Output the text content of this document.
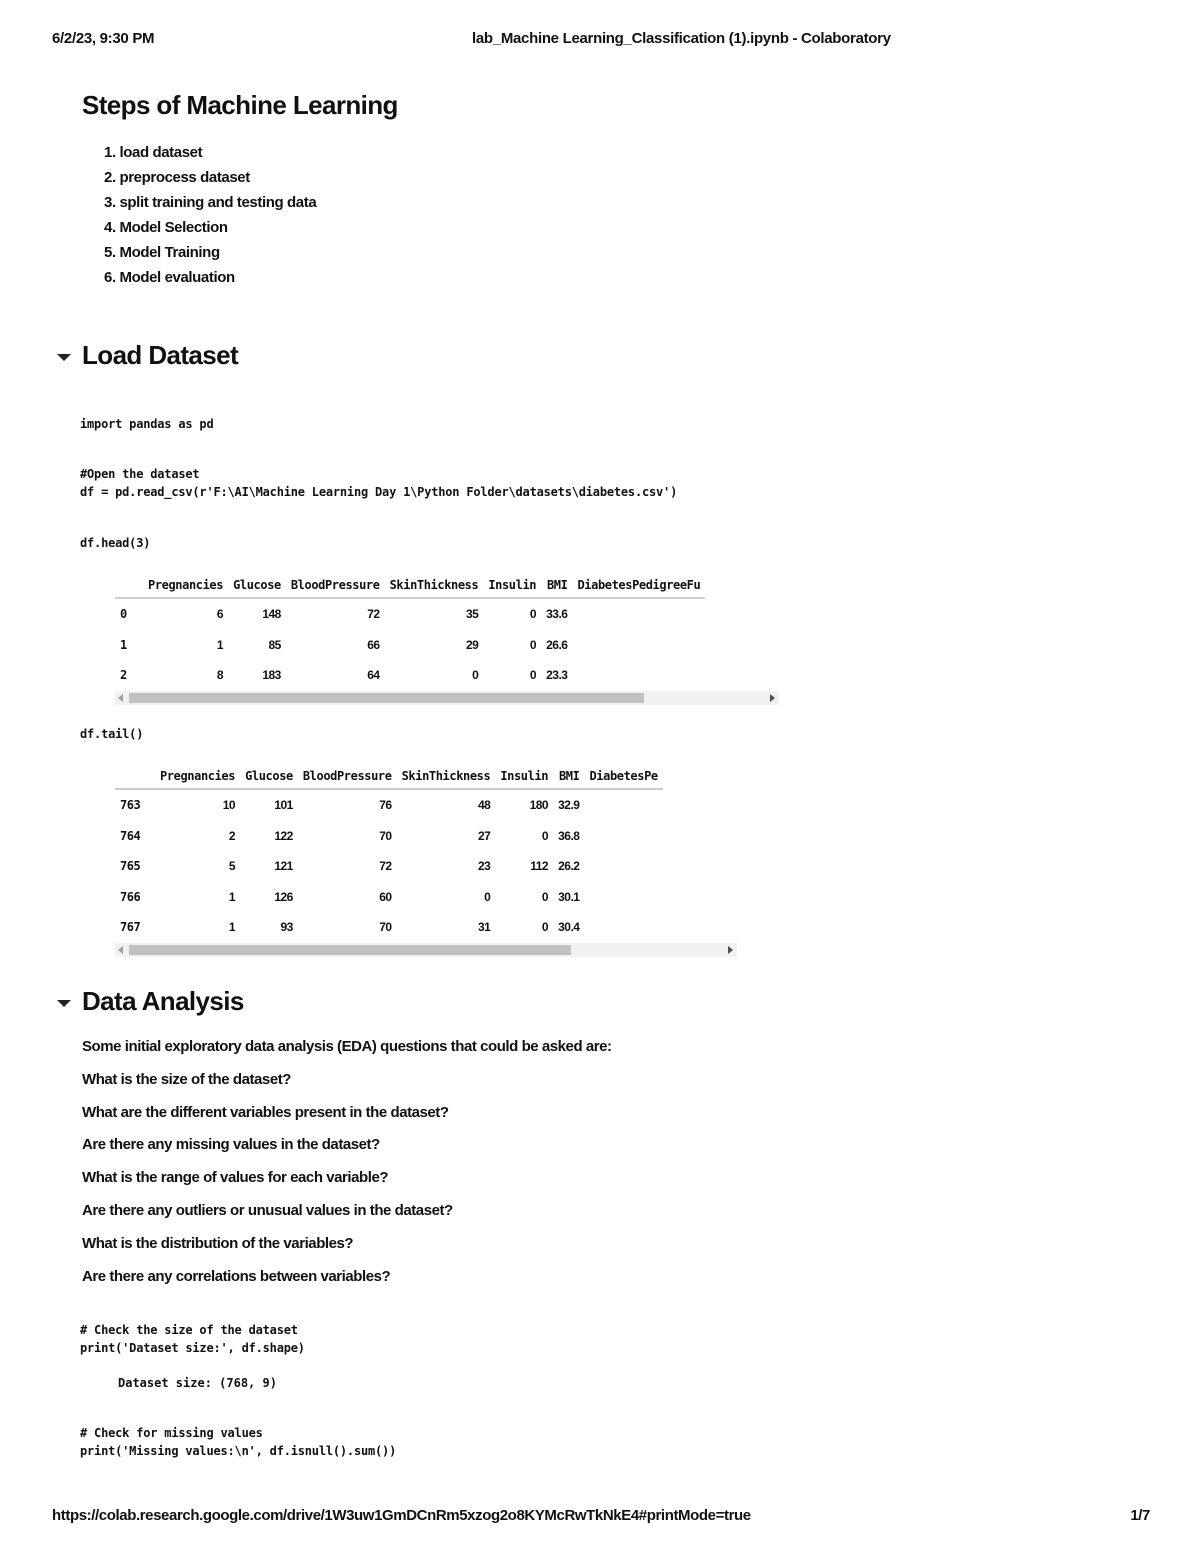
6/2/23, 9:30 PM	lab_Machine Learning_Classification (1).ipynb - Colaboratory
Steps of Machine Learning
1. load dataset
2. preprocess dataset
3. split training and testing data
4. Model Selection
5. Model Training
6. Model evaluation
Load Dataset
import pandas as pd
#Open the dataset
df = pd.read_csv(r'F:\AI\Machine Learning Day 1\Python Folder\datasets\diabetes.csv')
df.head(3)
	Pregnancies	Glucose	BloodPressure	SkinThickness	Insulin	BMI	DiabetesPedigreeFu
0	6	148	72	35	0	33.6	
1	1	85	66	29	0	26.6	
2	8	183	64	0	0	23.3	
df.tail()
	Pregnancies	Glucose	BloodPressure	SkinThickness	Insulin	BMI	DiabetesPe
763	10	101	76	48	180	32.9	
764	2	122	70	27	0	36.8	
765	5	121	72	23	112	26.2	
766	1	126	60	0	0	30.1	
767	1	93	70	31	0	30.4	
Data Analysis
Some initial exploratory data analysis (EDA) questions that could be asked are:
What is the size of the dataset?
What are the different variables present in the dataset?
Are there any missing values in the dataset?
What is the range of values for each variable?
Are there any outliers or unusual values in the dataset?
What is the distribution of the variables?
Are there any correlations between variables?
# Check the size of the dataset
print('Dataset size:', df.shape)
Dataset size: (768, 9)
# Check for missing values
print('Missing values:\n', df.isnull().sum())
https://colab.research.google.com/drive/1W3uw1GmDCnRm5xzog2o8KYMcRwTkNkE4#printMode=true	1/7
